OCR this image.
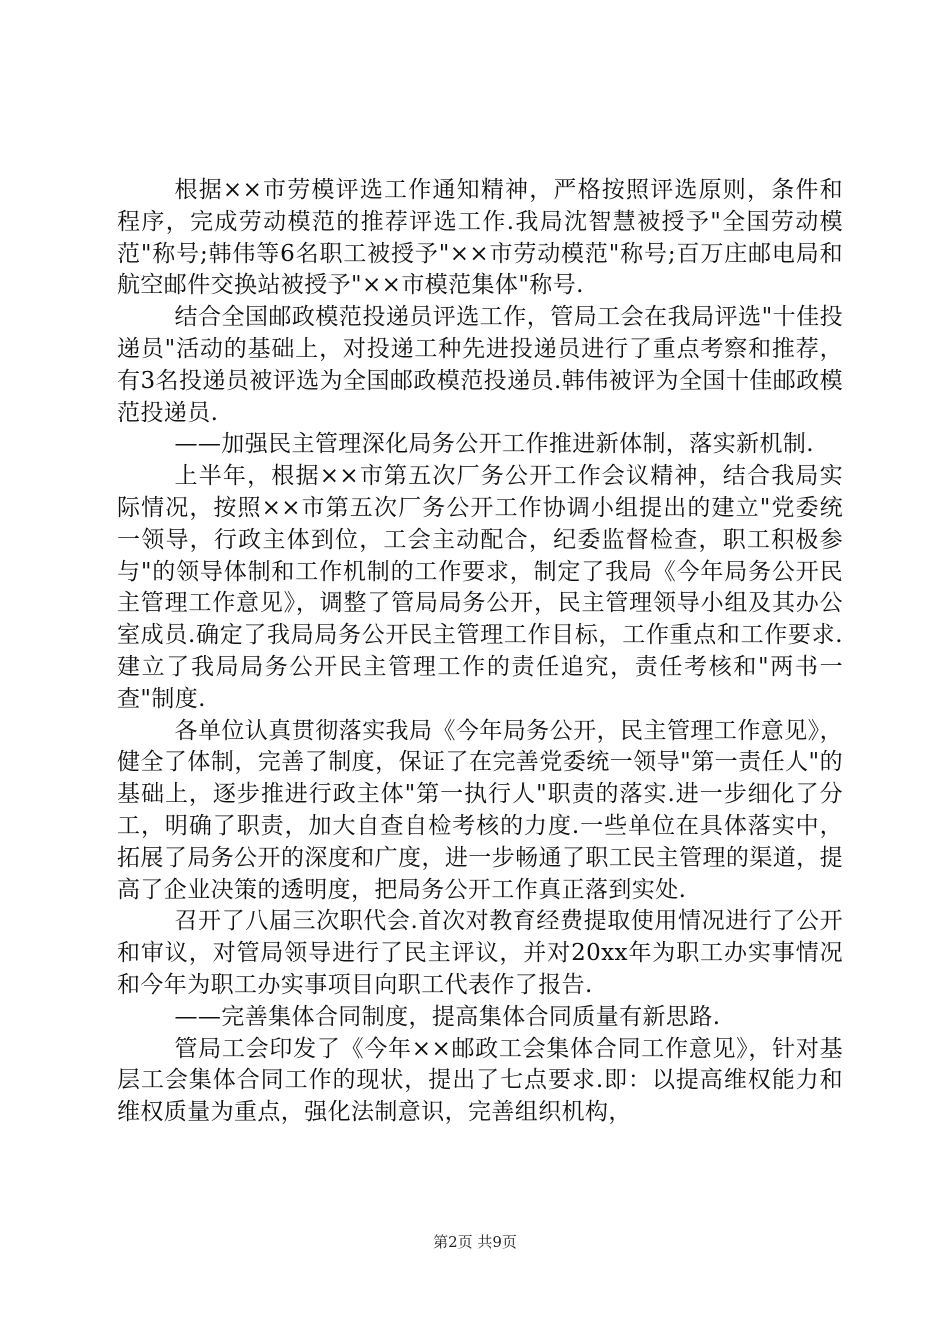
根据××市劳模评选工作通知精神，严格按照评选原则，条件和程序，完成劳动模范的推荐评选工作.我局沈智慧被授予"全国劳动模范"称号;韩伟等6名职工被授予"××市劳动模范"称号;百万庄邮电局和航空邮件交换站被授予"××市模范集体"称号.

结合全国邮政模范投递员评选工作，管局工会在我局评选"十佳投递员"活动的基础上，对投递工种先进投递员进行了重点考察和推荐，有3名投递员被评选为全国邮政模范投递员.韩伟被评为全国十佳邮政模范投递员.

——加强民主管理深化局务公开工作推进新体制，落实新机制.

上半年，根据××市第五次厂务公开工作会议精神，结合我局实际情况，按照××市第五次厂务公开工作协调小组提出的建立"党委统一领导，行政主体到位，工会主动配合，纪委监督检查，职工积极参与"的领导体制和工作机制的工作要求，制定了我局《今年局务公开民主管理工作意见》，调整了管局局务公开，民主管理领导小组及其办公室成员.确定了我局局务公开民主管理工作目标，工作重点和工作要求.建立了我局局务公开民主管理工作的责任追究，责任考核和"两书一查"制度.

各单位认真贯彻落实我局《今年局务公开，民主管理工作意见》，健全了体制，完善了制度，保证了在完善党委统一领导"第一责任人"的基础上，逐步推进行政主体"第一执行人"职责的落实.进一步细化了分工，明确了职责，加大自查自检考核的力度.一些单位在具体落实中，拓展了局务公开的深度和广度，进一步畅通了职工民主管理的渠道，提高了企业决策的透明度，把局务公开工作真正落到实处.

召开了八届三次职代会.首次对教育经费提取使用情况进行了公开和审议，对管局领导进行了民主评议，并对20xx年为职工办实事情况和今年为职工办实事项目向职工代表作了报告.

——完善集体合同制度，提高集体合同质量有新思路.

管局工会印发了《今年××邮政工会集体合同工作意见》，针对基层工会集体合同工作的现状，提出了七点要求.即：以提高维权能力和维权质量为重点，强化法制意识，完善组织机构，

第2页 共9页
